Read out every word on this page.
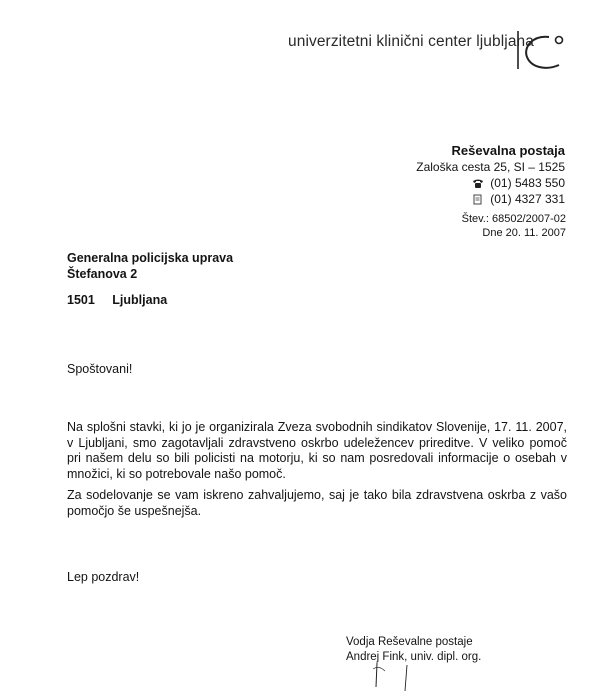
univerzitetni klinični center ljubljana
Reševalna postaja
Zaloška cesta 25, SI – 1525
(01) 5483 550
(01) 4327 331
Štev.: 68502/2007-02
Dne 20. 11. 2007
Generalna policijska uprava
Štefanova 2
1501 Ljubljana
Spoštovani!
Na splošni stavki, ki jo je organizirala Zveza svobodnih sindikatov Slovenije, 17. 11. 2007, v Ljubljani, smo zagotavljali zdravstveno oskrbo udeležencev prireditve. V veliko pomoč pri našem delu so bili policisti na motorju, ki so nam posredovali informacije o osebah v množici, ki so potrebovale našo pomoč.
Za sodelovanje se vam iskreno zahvaljujemo, saj je tako bila zdravstvena oskrba z vašo pomočjo še uspešnejša.
Lep pozdrav!
Vodja Reševalne postaje
Andrej Fink, univ. dipl. org.
